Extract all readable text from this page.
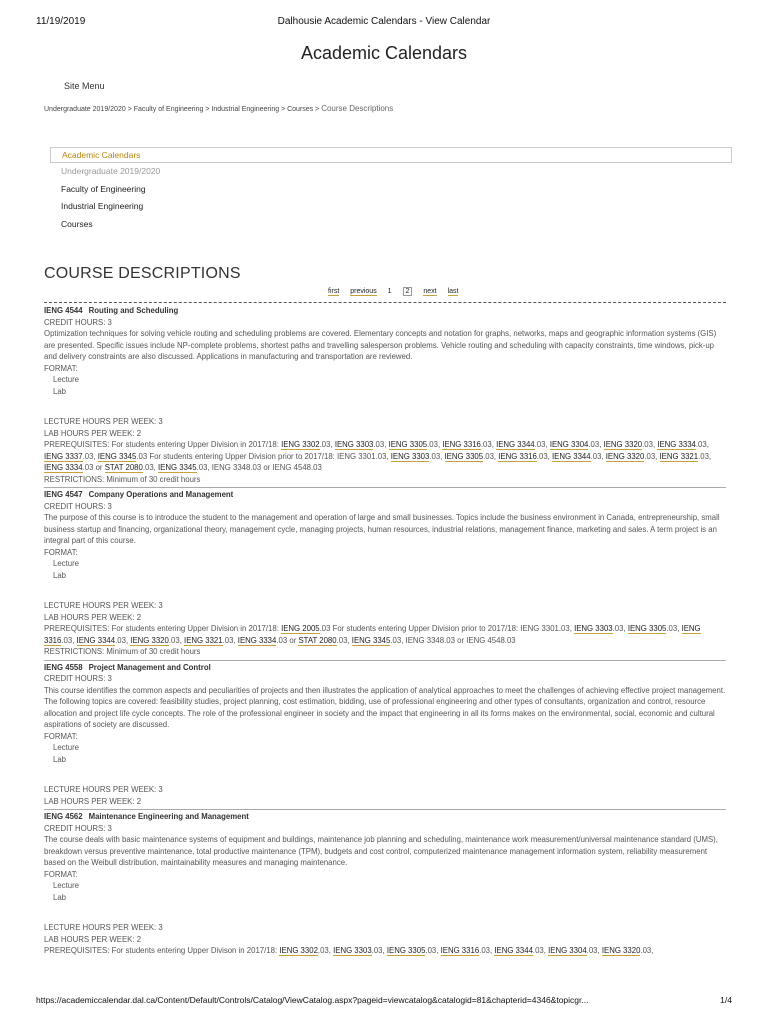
11/19/2019	Dalhousie Academic Calendars - View Calendar
Academic Calendars
Site Menu
Undergraduate 2019/2020 > Faculty of Engineering > Industrial Engineering > Courses > Course Descriptions
Academic Calendars
Undergraduate 2019/2020
Faculty of Engineering
Industrial Engineering
Courses
COURSE DESCRIPTIONS
first previous 1 2 next last
IENG 4544 Routing and Scheduling
CREDIT HOURS: 3
Optimization techniques for solving vehicle routing and scheduling problems are covered. Elementary concepts and notation for graphs, networks, maps and geographic information systems (GIS) are presented. Specific issues include NP-complete problems, shortest paths and travelling salesperson problems. Vehicle routing and scheduling with capacity constraints, time windows, pick-up and delivery constraints are also discussed. Applications in manufacturing and transportation are reviewed.
FORMAT:
Lecture
Lab
LECTURE HOURS PER WEEK: 3
LAB HOURS PER WEEK: 2
PREREQUISITES: For students entering Upper Division in 2017/18: IENG 3302.03, IENG 3303.03, IENG 3305.03, IENG 3316.03, IENG 3344.03, IENG 3304.03, IENG 3320.03, IENG 3334.03, IENG 3337.03, IENG 3345.03 For students entering Upper Division prior to 2017/18: IENG 3301.03, IENG 3303.03, IENG 3305.03, IENG 3316.03, IENG 3344.03, IENG 3320.03, IENG 3321.03, IENG 3334.03 or STAT 2080.03, IENG 3345.03, IENG 3348.03 or IENG 4548.03
RESTRICTIONS: Minimum of 30 credit hours
IENG 4547 Company Operations and Management
CREDIT HOURS: 3
The purpose of this course is to introduce the student to the management and operation of large and small businesses. Topics include the business environment in Canada, entrepreneurship, small business startup and financing, organizational theory, management cycle, managing projects, human resources, industrial relations, management finance, marketing and sales. A term project is an integral part of this course.
FORMAT:
Lecture
Lab
LECTURE HOURS PER WEEK: 3
LAB HOURS PER WEEK: 2
PREREQUISITES: For students entering Upper Division in 2017/18: IENG 2005.03 For students entering Upper Division prior to 2017/18: IENG 3301.03, IENG 3303.03, IENG 3305.03, IENG 3316.03, IENG 3344.03, IENG 3320.03, IENG 3321.03, IENG 3334.03 or STAT 2080.03, IENG 3345.03, IENG 3348.03 or IENG 4548.03
RESTRICTIONS: Minimum of 30 credit hours
IENG 4558 Project Management and Control
CREDIT HOURS: 3
This course identifies the common aspects and peculiarities of projects and then illustrates the application of analytical approaches to meet the challenges of achieving effective project management. The following topics are covered: feasibility studies, project planning, cost estimation, bidding, use of professional engineering and other types of consultants, organization and control, resource allocation and project life cycle concepts. The role of the professional engineer in society and the impact that engineering in all its forms makes on the environmental, social, economic and cultural aspirations of society are discussed.
FORMAT:
Lecture
Lab
LECTURE HOURS PER WEEK: 3
LAB HOURS PER WEEK: 2
IENG 4562 Maintenance Engineering and Management
CREDIT HOURS: 3
The course deals with basic maintenance systems of equipment and buildings, maintenance job planning and scheduling, maintenance work measurement/universal maintenance standard (UMS), breakdown versus preventive maintenance, total productive maintenance (TPM), budgets and cost control, computerized maintenance management information system, reliability measurement based on the Weibull distribution, maintainability measures and managing maintenance.
FORMAT:
Lecture
Lab
LECTURE HOURS PER WEEK: 3
LAB HOURS PER WEEK: 2
PREREQUISITES: For students entering Upper Divison in 2017/18: IENG 3302.03, IENG 3303.03, IENG 3305.03, IENG 3316.03, IENG 3344.03, IENG 3304.03, IENG 3320.03,
https://academiccalendar.dal.ca/Content/Default/Controls/Catalog/ViewCatalog.aspx?pageid=viewcatalog&catalogid=81&chapterid=4346&topicgr...	1/4
